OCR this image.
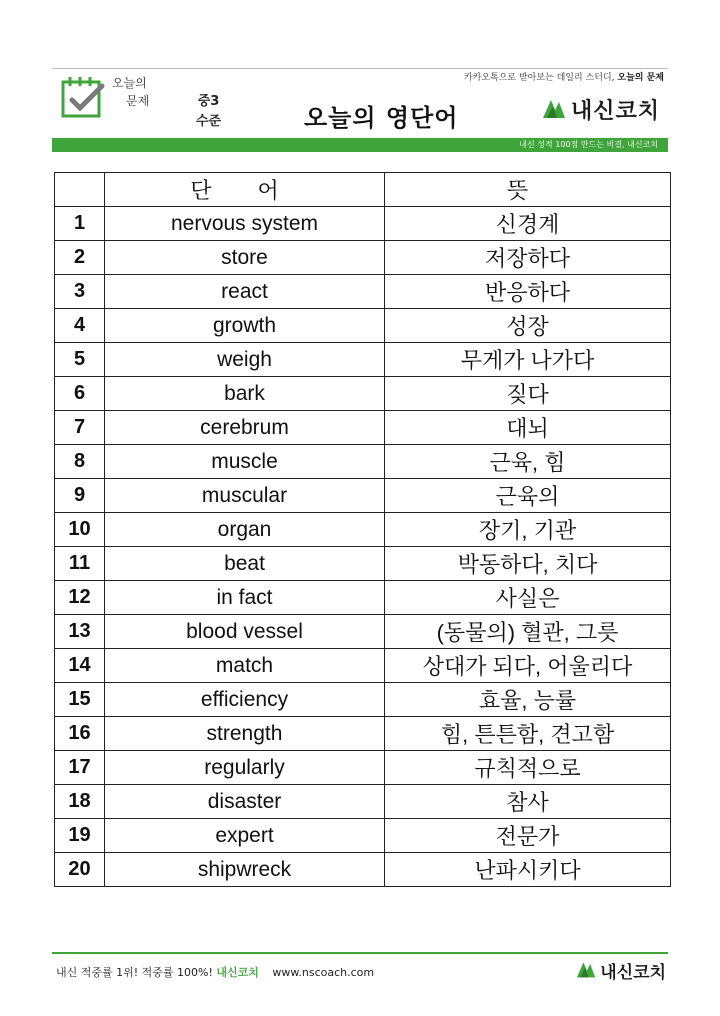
오늘의
문제	중3
수준	오늘의 영단어
카카오톡으로 받아보는 데일리 스터디, 오늘의 문제
내신코치
내신 성적 100점 만드는 비결, 내신코치
	단 어	뜻
1	nervous system	신경계
2	store	저장하다
3	react	반응하다
4	growth	성장
5	weigh	무게가 나가다
6	bark	짖다
7	cerebrum	대뇌
8	muscle	근육, 힘
9	muscular	근육의
10	organ	장기, 기관
11	beat	박동하다, 치다
12	in fact	사실은
13	blood vessel	(동물의) 혈관, 그릇
14	match	상대가 되다, 어울리다
15	efficiency	효율, 능률
16	strength	힘, 튼튼함, 견고함
17	regularly	규칙적으로
18	disaster	참사
19	expert	전문가
20	shipwreck	난파시키다
내신 적중률 1위! 적중률 100%! 내신코치 www.nscoach.com	내신코치
